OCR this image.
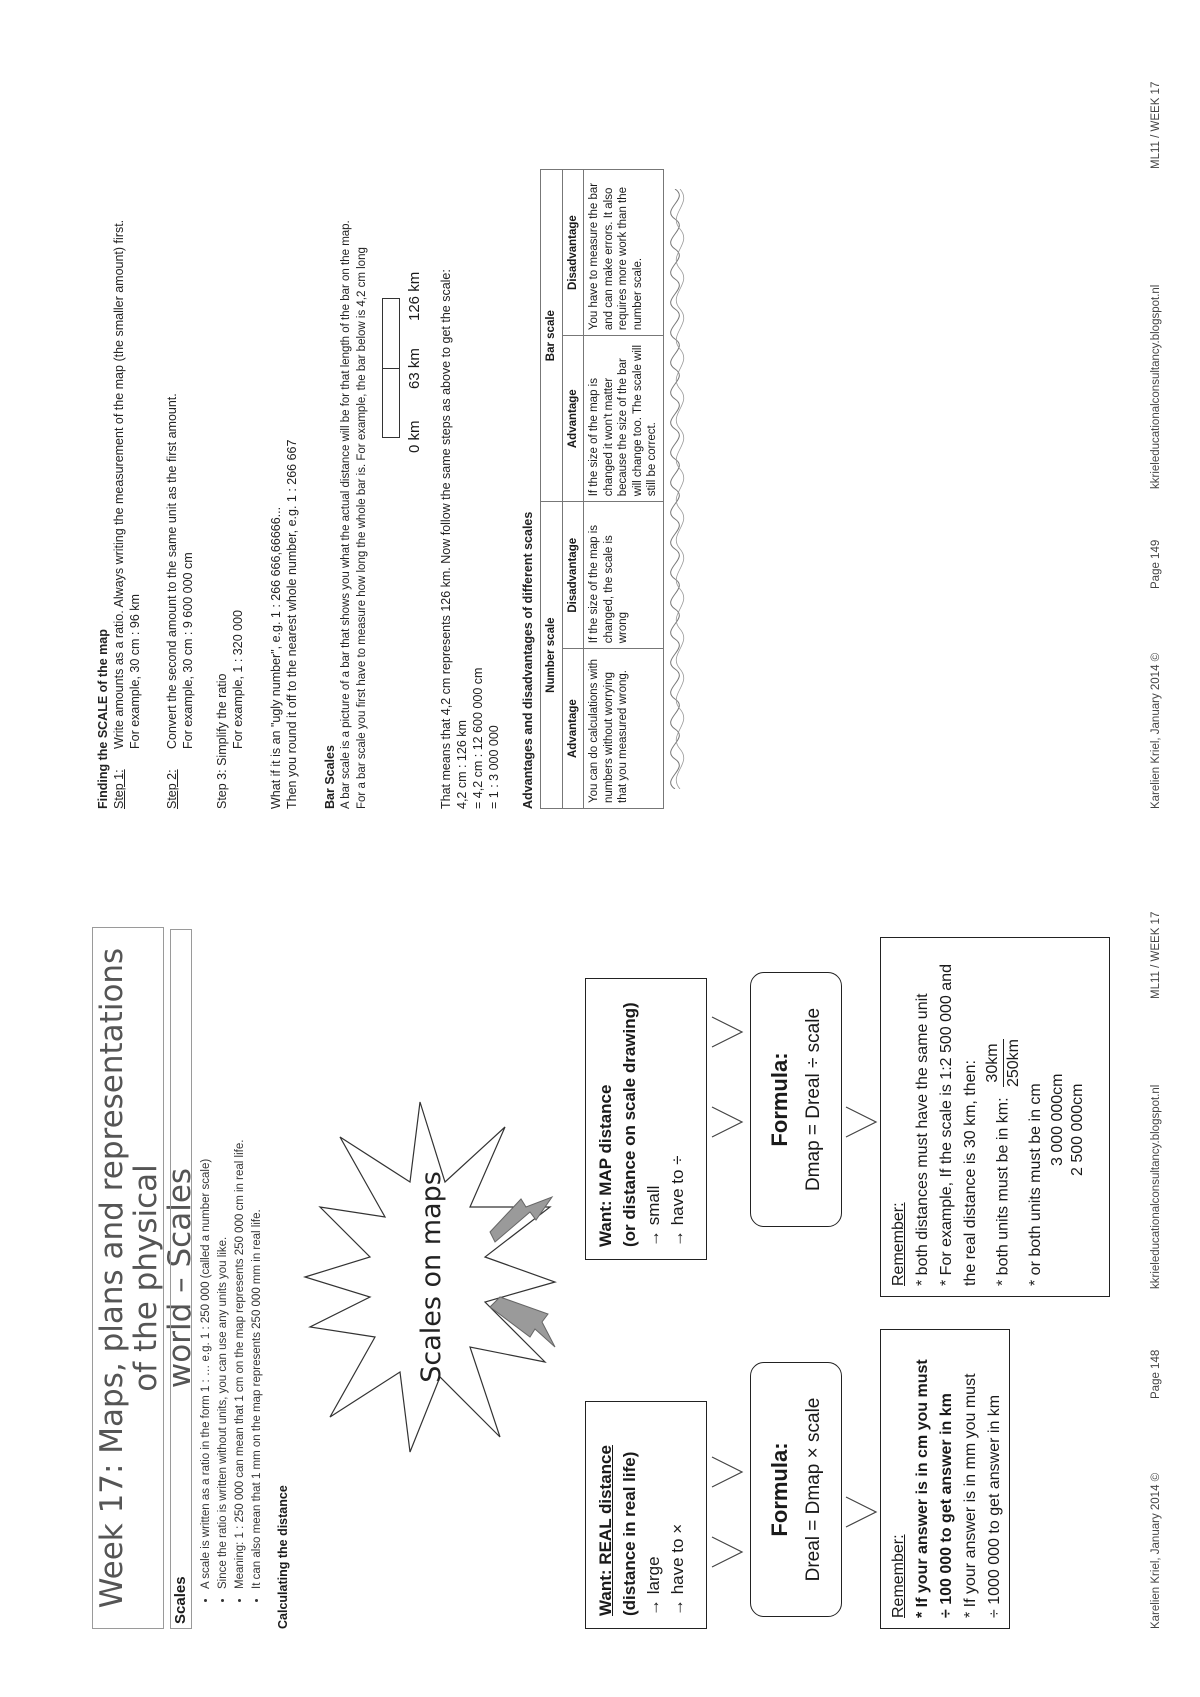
Week 17: Maps, plans and representations of the physical
world – Scales
Scales
• A scale is written as a ratio in the form 1 : … e.g. 1 : 250 000 (called a number scale) • Since the ratio is written without units, you can use any units you like. • Meaning: 1 : 250 000 can mean that 1 cm on the map represents 250 000 cm in real life. • It can also mean that 1 mm on the map represents 250 000 mm in real life. Calculating the distance
Scales on maps
Want: REAL distance (distance in real life) → large → have to ×
Want: MAP distance (or distance on scale drawing) → small → have to ÷
Formula: Dreal = Dmap × scale
Formula: Dmap = Dreal ÷ scale
Remember: * If your answer is in cm you must ÷ 100 000 to get answer in km * If your answer is in mm you must ÷ 1000 000 to get answer in km
Remember: * both distances must have the same unit * For example, If the scale is 1:2 500 000 and the real distance is 30 km, then: * both units must be in km:
30km 250km
* or both units must be in cm 3 000 000cm 2 500 000cm
Karelien Kriel, January 2014 ©
Page 148
kkrieleducationalconsultancy.blogspot.nl
ML11 / WEEK 17
Finding the SCALE of the map Step 1:
Write amounts as a ratio. Always writing the measurement of the map (the smaller amount) first. For example, 30 cm : 96 km
Step 2:
Convert the second amount to the same unit as the first amount. For example, 30 cm : 9 600 000 cm Step 3: Simplify the ratio For example, 1 : 320 000 What if it is an "ugly number", e.g. 1 : 266 666,66666... Then you round it off to the nearest whole number, e.g. 1 : 266 667 Bar Scales A bar scale is a picture of a bar that shows you what the actual distance will be for that length of the bar on the map. For a bar scale you first have to measure how long the whole bar is. For example, the bar below is 4,2 cm long	0 km
63 km
126 km That means that 4,2 cm represents 126 km. Now follow the same steps as above to get the scale: 4,2 cm : 126 km = 4,2 cm : 12 600 000 cm = 1 : 3 000 000 Advantages and disadvantages of different scales Number scale		Bar scale	
Advantage	Disadvantage	Advantage	Disadvantage
You can do calculations with numbers without worrying that you measured wrong.	If the size of the map is changed, the scale is wrong	If the size of the map is changed it won't matter because the size of the bar will change too. The scale will still be correct.	You have to measure the bar and can make errors. It also requires more work than the number scale.
Karelien Kriel, January 2014 ©
Page 149
kkrieleducationalconsultancy.blogspot.nl
ML11 / WEEK 17
